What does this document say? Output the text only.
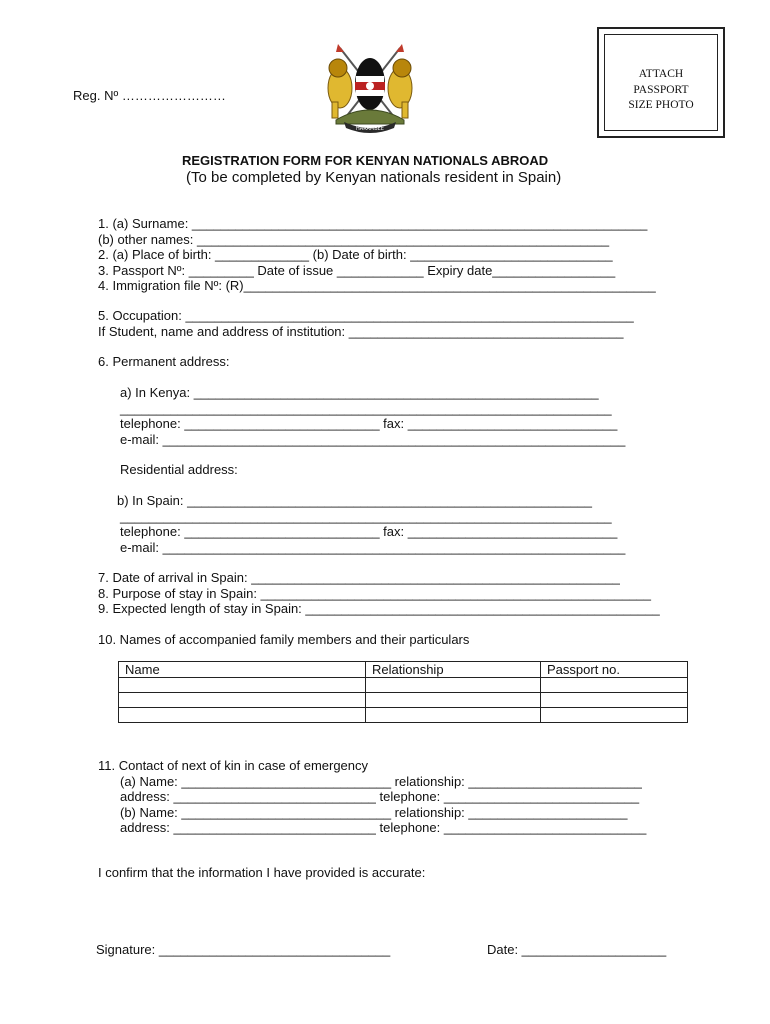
Reg. Nº ……………………
HARAMBEE
ATTACH
PASSPORT
SIZE PHOTO
REGISTRATION FORM FOR KENYAN NATIONALS ABROAD
(To be completed by Kenyan nationals resident in Spain)
1. (a) Surname: _______________________________________________________________
(b) other names: _________________________________________________________
2. (a) Place of birth: _____________ (b) Date of birth: ____________________________
3. Passport Nº: _________ Date of issue ____________ Expiry date_________________
4. Immigration file Nº: (R)_________________________________________________________
5. Occupation: ______________________________________________________________
If Student, name and address of institution: ______________________________________
6. Permanent address:
a) In Kenya: ________________________________________________________
____________________________________________________________________
telephone: ___________________________ fax: _____________________________
e-mail: ________________________________________________________________
Residential address:
b) In Spain: ________________________________________________________
____________________________________________________________________
telephone: ___________________________ fax: _____________________________
e-mail: ________________________________________________________________
7. Date of arrival in Spain: ___________________________________________________
8. Purpose of stay in Spain: ______________________________________________________
9. Expected length of stay in Spain: _________________________________________________
10. Names of accompanied family members and their particulars
Name	Relationship	Passport no.

11. Contact of next of kin in case of emergency
(a) Name: _____________________________ relationship: ________________________
address: ____________________________ telephone: ___________________________
(b) Name: _____________________________ relationship: ______________________
address: ____________________________ telephone: ____________________________
I confirm that the information I have provided is accurate:
Signature: ________________________________	Date: ____________________
